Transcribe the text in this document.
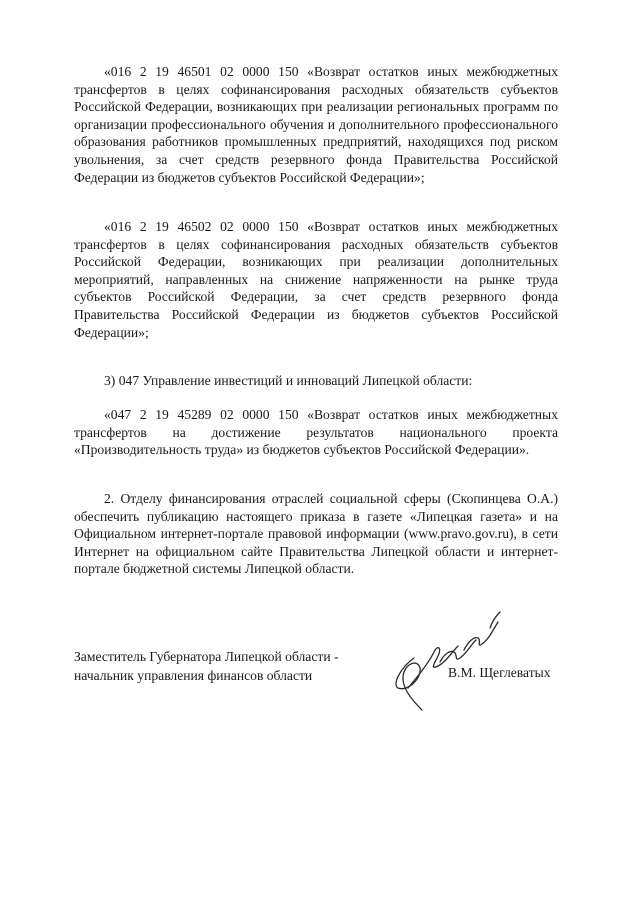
«016 2 19 46501 02 0000 150 «Возврат остатков иных межбюджетных трансфертов в целях софинансирования расходных обязательств субъектов Российской Федерации, возникающих при реализации региональных программ по организации профессионального обучения и дополнительного профессионального образования работников промышленных предприятий, находящихся под риском увольнения, за счет средств резервного фонда Правительства Российской Федерации из бюджетов субъектов Российской Федерации»;

«016 2 19 46502 02 0000 150 «Возврат остатков иных межбюджетных трансфертов в целях софинансирования расходных обязательств субъектов Российской Федерации, возникающих при реализации дополнительных мероприятий, направленных на снижение напряженности на рынке труда субъектов Российской Федерации, за счет средств резервного фонда Правительства Российской Федерации из бюджетов субъектов Российской Федерации»;

3) 047 Управление инвестиций и инноваций Липецкой области:

«047 2 19 45289 02 0000 150 «Возврат остатков иных межбюджетных трансфертов на достижение результатов национального проекта «Производительность труда» из бюджетов субъектов Российской Федерации».

2. Отделу финансирования отраслей социальной сферы (Скопинцева О.А.) обеспечить публикацию настоящего приказа в газете «Липецкая газета» и на Официальном интернет-портале правовой информации (www.pravo.gov.ru), в сети Интернет на официальном сайте Правительства Липецкой области и интернет-портале бюджетной системы Липецкой области.

Заместитель Губернатора Липецкой области -
начальник управления финансов области	В.М. Щеглеватых
